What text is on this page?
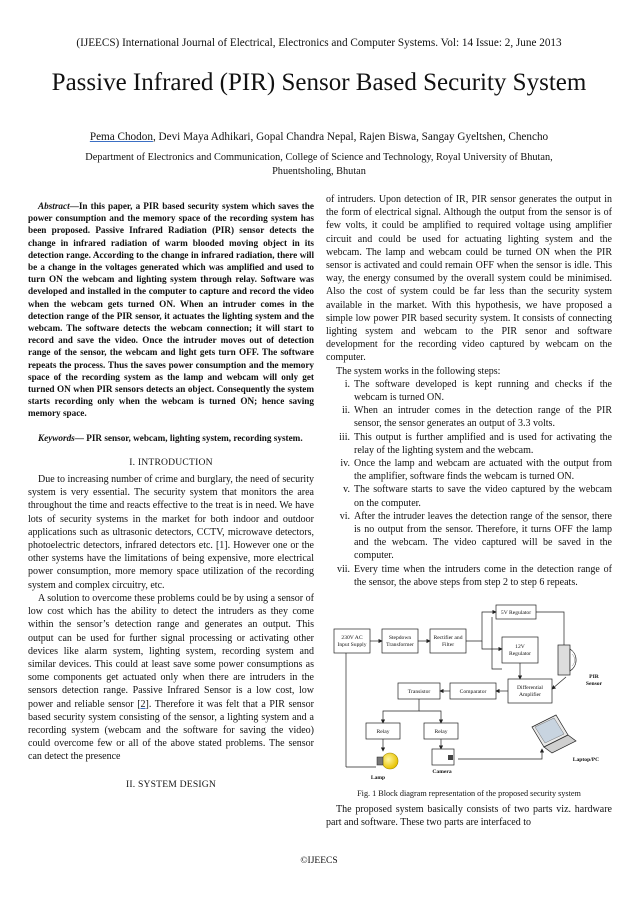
(IJEECS) International Journal of Electrical, Electronics and Computer Systems. Vol: 14 Issue: 2, June 2013
Passive Infrared (PIR) Sensor Based Security System
Pema Chodon, Devi Maya Adhikari, Gopal Chandra Nepal, Rajen Biswa, Sangay Gyeltshen, Chencho
Department of Electronics and Communication, College of Science and Technology, Royal University of Bhutan, Phuentsholing, Bhutan

Abstract—In this paper, a PIR based security system which saves the power consumption and the memory space of the recording system has been proposed. Passive Infrared Radiation (PIR) sensor detects the change in infrared radiation of warm blooded moving object in its detection range. According to the change in infrared radiation, there will be a change in the voltages generated which was amplified and used to turn ON the webcam and lighting system through relay. Software was developed and installed in the computer to capture and record the video when the webcam gets turned ON. When an intruder comes in the detection range of the PIR sensor, it actuates the lighting system and the webcam. The software detects the webcam connection; it will start to record and save the video. Once the intruder moves out of detection range of the sensor, the webcam and light gets turn OFF. The software repeats the process. Thus the saves power consumption and the memory space of the recording system as the lamp and webcam will only get turned ON when PIR sensors detects an object. Consequently the system starts recording only when the webcam is turned ON; hence saving memory space.

Keywords— PIR sensor, webcam, lighting system, recording system.

I. INTRODUCTION

Due to increasing number of crime and burglary, the need of security system is very essential. The security system that monitors the area throughout the time and reacts effective to the treat is in need. We have lots of security systems in the market for both indoor and outdoor applications such as ultrasonic detectors, CCTV, microwave detectors, photoelectric detectors, infrared detectors etc. [1]. However one or the other systems have the limitations of being expensive, more electrical power consumption, more memory space utilization of the recording system and complex circuitry, etc.

A solution to overcome these problems could be by using a sensor of low cost which has the ability to detect the intruders as they come within the sensor’s detection range and generates an output. This output can be used for further signal processing or activating other devices like alarm system, lighting system, recording system and similar devices. This could at least save some power consumptions as some components get actuated only when there are intruders in the sensors detection range. Passive Infrared Sensor is a low cost, low power and reliable sensor [2]. Therefore it was felt that a PIR sensor based security system consisting of the sensor, a lighting system and a recording system (webcam and the software for saving the video) could overcome few or all of the above stated problems. The sensor can detect the presence

II. SYSTEM DESIGN

of intruders. Upon detection of IR, PIR sensor generates the output in the form of electrical signal. Although the output from the sensor is of few volts, it could be amplified to required voltage using amplifier circuit and could be used for actuating lighting system and the webcam. The lamp and webcam could be turned ON when the PIR sensor is activated and could remain OFF when the sensor is idle. This way, the energy consumed by the overall system could be minimised. Also the cost of system could be far less than the security system available in the market. With this hypothesis, we have proposed a simple low power PIR based security system. It consists of connecting lighting system and webcam to the PIR senor and software development for the recording video captured by webcam on the computer.

The system works in the following steps:

i. The software developed is kept running and checks if the webcam is turned ON.
ii. When an intruder comes in the detection range of the PIR sensor, the sensor generates an output of 3.3 volts.
iii. This output is further amplified and is used for activating the relay of the lighting system and the webcam.
iv. Once the lamp and webcam are actuated with the output from the amplifier, software finds the webcam is turned ON.
v. The software starts to save the video captured by the webcam on the computer.
vi. After the intruder leaves the detection range of the sensor, there is no output from the sensor. Therefore, it turns OFF the lamp and the webcam. The video captured will be saved in the computer.
vii. Every time when the intruders come in the detection range of the sensor, the above steps from step 2 to step 6 repeats.
230V AC
Input Supply
Stepdown
Transformer
Rectifier and
Filter
5V Regulator
12V
Regulator
Transistor	Comparator
Differential
Amplifier
Relay	Relay
PIR
Sensor
Lamp
Camera
Laptop/PC
Fig. 1 Block diagram representation of the proposed security system

The proposed system basically consists of two parts viz. hardware part and software. These two parts are interfaced to

©IJEECS
